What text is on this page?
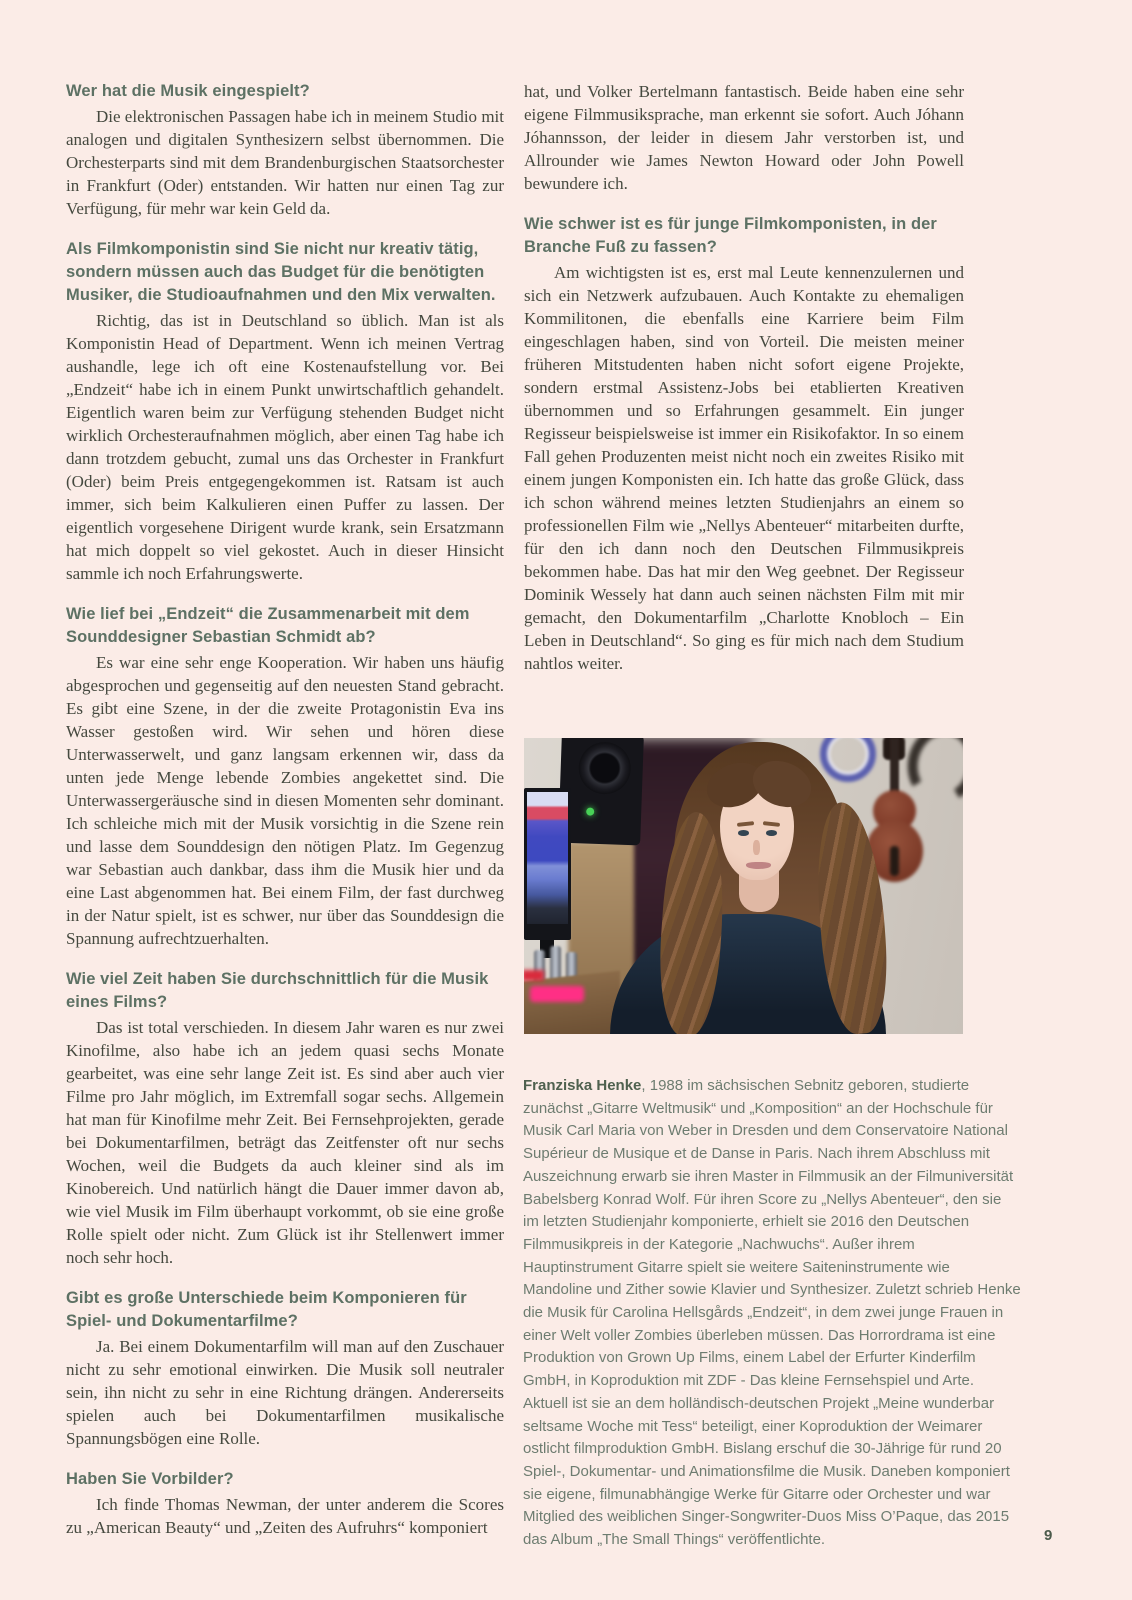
Wer hat die Musik eingespielt?

Die elektronischen Passagen habe ich in meinem Studio mit analogen und digitalen Synthesizern selbst übernommen. Die Orchesterparts sind mit dem Brandenburgischen Staatsorchester in Frankfurt (Oder) entstanden. Wir hatten nur einen Tag zur Verfügung, für mehr war kein Geld da.

Als Filmkomponistin sind Sie nicht nur kreativ tätig, sondern müssen auch das Budget für die benötigten Musiker, die Studioaufnahmen und den Mix verwalten.

Richtig, das ist in Deutschland so üblich. Man ist als Komponistin Head of Department. Wenn ich meinen Vertrag aushandle, lege ich oft eine Kostenaufstellung vor. Bei „Endzeit“ habe ich in einem Punkt unwirtschaftlich gehandelt. Eigentlich waren beim zur Verfügung stehenden Budget nicht wirklich Orchesteraufnahmen möglich, aber einen Tag habe ich dann trotzdem gebucht, zumal uns das Orchester in Frankfurt (Oder) beim Preis entgegengekommen ist. Ratsam ist auch immer, sich beim Kalkulieren einen Puffer zu lassen. Der eigentlich vorgesehene Dirigent wurde krank, sein Ersatzmann hat mich doppelt so viel gekostet. Auch in dieser Hinsicht sammle ich noch Erfahrungswerte.

Wie lief bei „Endzeit“ die Zusammenarbeit mit dem Sounddesigner Sebastian Schmidt ab?

Es war eine sehr enge Kooperation. Wir haben uns häufig abgesprochen und gegenseitig auf den neuesten Stand gebracht. Es gibt eine Szene, in der die zweite Protagonistin Eva ins Wasser gestoßen wird. Wir sehen und hören diese Unterwasserwelt, und ganz langsam erkennen wir, dass da unten jede Menge lebende Zombies angekettet sind. Die Unterwassergeräusche sind in diesen Momenten sehr dominant. Ich schleiche mich mit der Musik vorsichtig in die Szene rein und lasse dem Sounddesign den nötigen Platz. Im Gegenzug war Sebastian auch dankbar, dass ihm die Musik hier und da eine Last abgenommen hat. Bei einem Film, der fast durchweg in der Natur spielt, ist es schwer, nur über das Sounddesign die Spannung aufrechtzuerhalten.

Wie viel Zeit haben Sie durchschnittlich für die Musik eines Films?

Das ist total verschieden. In diesem Jahr waren es nur zwei Kinofilme, also habe ich an jedem quasi sechs Monate gearbeitet, was eine sehr lange Zeit ist. Es sind aber auch vier Filme pro Jahr möglich, im Extremfall sogar sechs. Allgemein hat man für Kinofilme mehr Zeit. Bei Fernsehprojekten, gerade bei Dokumentarfilmen, beträgt das Zeitfenster oft nur sechs Wochen, weil die Budgets da auch kleiner sind als im Kinobereich. Und natürlich hängt die Dauer immer davon ab, wie viel Musik im Film überhaupt vorkommt, ob sie eine große Rolle spielt oder nicht. Zum Glück ist ihr Stellenwert immer noch sehr hoch.

Gibt es große Unterschiede beim Komponieren für Spiel- und Dokumentarfilme?

Ja. Bei einem Dokumentarfilm will man auf den Zuschauer nicht zu sehr emotional einwirken. Die Musik soll neutraler sein, ihn nicht zu sehr in eine Richtung drängen. Andererseits spielen auch bei Dokumentarfilmen musikalische Spannungsbögen eine Rolle.

Haben Sie Vorbilder?

Ich finde Thomas Newman, der unter anderem die Scores zu „American Beauty“ und „Zeiten des Aufruhrs“ komponiert

hat, und Volker Bertelmann fantastisch. Beide haben eine sehr eigene Filmmusiksprache, man erkennt sie sofort. Auch Jóhann Jóhannsson, der leider in diesem Jahr verstorben ist, und Allrounder wie James Newton Howard oder John Powell bewundere ich.

Wie schwer ist es für junge Filmkomponisten, in der Branche Fuß zu fassen?

Am wichtigsten ist es, erst mal Leute kennenzulernen und sich ein Netzwerk aufzubauen. Auch Kontakte zu ehemaligen Kommilitonen, die ebenfalls eine Karriere beim Film eingeschlagen haben, sind von Vorteil. Die meisten meiner früheren Mitstudenten haben nicht sofort eigene Projekte, sondern erstmal Assistenz-Jobs bei etablierten Kreativen übernommen und so Erfahrungen gesammelt. Ein junger Regisseur beispielsweise ist immer ein Risikofaktor. In so einem Fall gehen Produzenten meist nicht noch ein zweites Risiko mit einem jungen Komponisten ein. Ich hatte das große Glück, dass ich schon während meines letzten Studienjahrs an einem so professionellen Film wie „Nellys Abenteuer“ mitarbeiten durfte, für den ich dann noch den Deutschen Filmmusikpreis bekommen habe. Das hat mir den Weg geebnet. Der Regisseur Dominik Wessely hat dann auch seinen nächsten Film mit mir gemacht, den Dokumentarfilm „Charlotte Knobloch – Ein Leben in Deutschland“. So ging es für mich nach dem Studium nahtlos weiter.

Franziska Henke, 1988 im sächsischen Sebnitz geboren, studierte zunächst „Gitarre Weltmusik“ und „Komposition“ an der Hochschule für Musik Carl Maria von Weber in Dresden und dem Conservatoire National Supérieur de Musique et de Danse in Paris. Nach ihrem Abschluss mit Auszeichnung erwarb sie ihren Master in Filmmusik an der Filmuniversität Babelsberg Konrad Wolf. Für ihren Score zu „Nellys Abenteuer“, den sie im letzten Studienjahr komponierte, erhielt sie 2016 den Deutschen Filmmusikpreis in der Kategorie „Nachwuchs“. Außer ihrem Hauptinstrument Gitarre spielt sie weitere Saiteninstrumente wie Mandoline und Zither sowie Klavier und Synthesizer. Zuletzt schrieb Henke die Musik für Carolina Hellsgårds „Endzeit“, in dem zwei junge Frauen in einer Welt voller Zombies überleben müssen. Das Horrordrama ist eine Produktion von Grown Up Films, einem Label der Erfurter Kinderfilm GmbH, in Koproduktion mit ZDF - Das kleine Fernsehspiel und Arte. Aktuell ist sie an dem holländisch-deutschen Projekt „Meine wunderbar seltsame Woche mit Tess“ beteiligt, einer Koproduktion der Weimarer ostlicht filmproduktion GmbH. Bislang erschuf die 30-Jährige für rund 20 Spiel-, Dokumentar- und Animationsfilme die Musik. Daneben komponiert sie eigene, filmunabhängige Werke für Gitarre oder Orchester und war Mitglied des weiblichen Singer-Songwriter-Duos Miss O’Paque, das 2015 das Album „The Small Things“ veröffentlichte.	9
